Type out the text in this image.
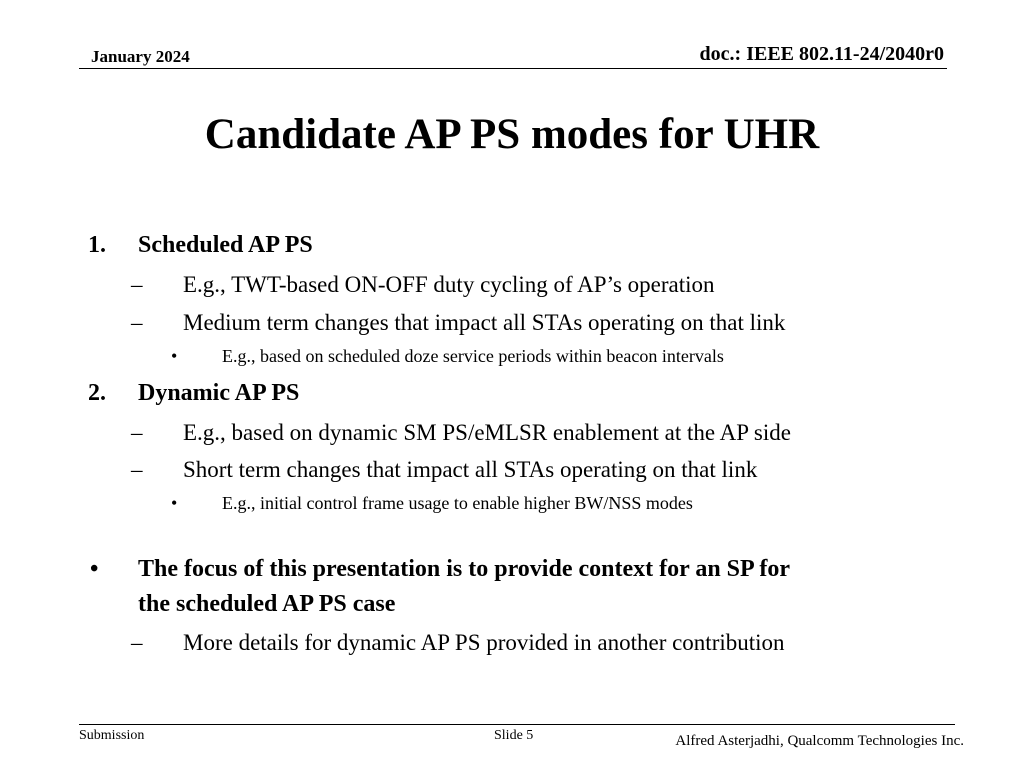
January 2024	doc.: IEEE 802.11-24/2040r0
Candidate AP PS modes for UHR
1. Scheduled AP PS
– E.g., TWT-based ON-OFF duty cycling of AP’s operation
– Medium term changes that impact all STAs operating on that link
• E.g., based on scheduled doze service periods within beacon intervals
2. Dynamic AP PS
– E.g., based on dynamic SM PS/eMLSR enablement at the AP side
– Short term changes that impact all STAs operating on that link
• E.g., initial control frame usage to enable higher BW/NSS modes
• The focus of this presentation is to provide context for an SP for
the scheduled AP PS case
– More details for dynamic AP PS provided in another contribution
Submission	Slide 5	Alfred Asterjadhi, Qualcomm Technologies Inc.
